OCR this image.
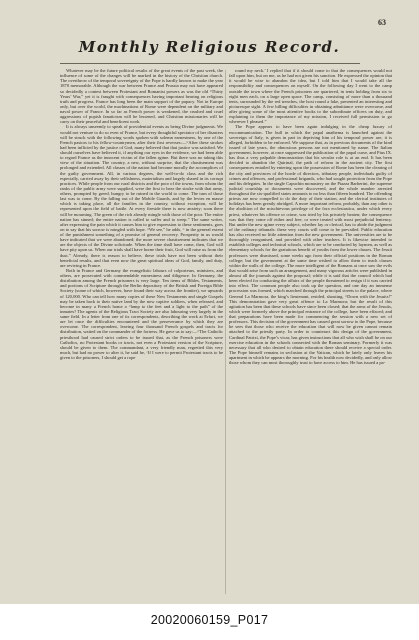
63
Monthly Religious Record.

Whatever may be the future political results of the great events of the past week, the influence of some of the changes will be marked in the history of the Christian church. The overthrow of the temporal sovereignty of the Pope is hardly known to make the year 1870 memorable. Although the war between France and Prussia may not have appeared so decidedly a contest between Protestant and Romanist powers as was the old “Thirty Years’ War,” yet it is fraught with consequences having important bearing on religious truth and progress. France has long been the main support of the papacy. Not in Europe only, but over the world, the machinations of Rome were dependent on the military and naval power of France. In so far as French power is weakened, the crushed and cruel aggressions of popish fanaticism will be lessened, and Christian missionaries will be carry on their peaceful and beneficent work.

It is always unseemly to speak of providential events as being Divine judgments. We would not venture to do so even of France, but every thoughtful spectator of her disasters will be struck with the following words spoken with solemn earnestness, by one of the French pastors to his fellow-countrymen, after their first reverses:—“After these strokes had been inflicted by the justice of God, many believed that that justice was satisfied. We should ourselves have believed it, if anything our eyes in the evidence, we had been able to regard France as the innocent victim of the fallen rgime. But there was no taking this view of the situation. The country, a new, without surprise, that the chastisement was prolonged and extended. All classes of the nation had become morally the accomplices of the guilty government. All, in various degrees, the well-to-do class and the rich especially, carried away by their selfishness, materialism and largely shared in its corrupt practices. While people from our rural districts and the poor of the towns, from whom the ranks of the public army were supplied, were the first to bear the stroke with that army, others, prompted by greed, hungry to be ruined in the world to come. The turn of those last was to come. By the falling out of the Mobile Guards, and by the levies en masse which is taking place, all the families in the country, without exception, will be represented upon the field of battle. At every fireside there is now anxiety; soon there will be mourning. The green of the rich already mingle with those of the poor. The entire nation has sinned; the entire nation is called to suffer and to weep.” The same writer, after expressing the pain which it causes him to give expression to these sentiments, goes on to say that his sorrow is mingled with hope. “We see,” he adds, “ in the general extent of the punishment something of a promise of general recovery. Prosperity in us would have indicated that we were abandoned; the more severe chastisement indicates that we are the objects of the Divine solicitude. When the time shall have come, then, God will have pity upon us. When our trials shall have borne their fruit, God will raise us from the dust.” Already, there is reason to believe, these trials have not been without their beneficial results, and that even now the great spiritual ideas of God, family, and duty, are reviving in France.

Both in France and Germany the evangelistic labours of colporteurs, ministers, and others, are prosecuted with commendable earnestness and diligence. In Germany, the distribution among the French prisoners is very large. Ten items of Bibles, Testaments, and portions of Scripture through the Berlin depository of the British and Foreign Bible Society (some of which, however, have found their way across the frontier), we upwards of 120,000. Who can tell how many copies of these New Testaments and single Gospels may be taken back to their native land by the now captive soldiers, when released, and become in many a French home a “lamp to the feet and a light to the path” of the inmates? The agents of the Religious Tract Society are also labouring very largely in the same field. In a letter from one of its correspondents, describing the work at Erfurt, we are let once the difficulties encountered and the perseverance by which they are overcome. The correspondent, leaving four thousand French gospels and tracts for distribution, waited on the commander of the fortress. He gave us to say:—“The Catholic priesthood had caused strict orders to be issued that, as the French prisoners were Catholics, no Protestant books or tracts, not even a Protestant version of the Scripture, should be given to them. The commandant, a very friendly man, regretted this very much, but had no power to alter it, he said he, ‘If I were to permit Protestant tracts to be given to the prisoners, I should get a rope

round my neck.’ I replied that if it should come to that the consequences would not fall upon him, but on me, as he had not given his sanction. He expressed the opinion that it would be wise to abandon the idea, but I told him that I would take all the responsibility and consequences on myself. On the following day I went to the camp outside the town where the French prisoners are quartered, in tents holding from six to eight men each, on a large open space. The camp, consisting of more than a thousand tents, surrounded by the red trenches, the host round a lake, presented an interesting and picturesque sight. A few billing difficulties in obtaining admittance were overcome, and after giving some of the most attentive books to the subordinate officers on duty, and explaining to them the importance of my mission, I received full permission to go wherever I pleased.”

The Pope appears to have been again indulging in the cheap luxury of excommunication. The bull in which the papal anathema is launched against the sovereign of Italy, is given in part in depriving him of his temporal power are, it is alleged, forbidden to be enforced. We suppose that, as in previous documents of the kind issued of late years, the obnoxious persons are not mentioned by name. The Italian government, however, at once suppressed the publication of the papal curse, and Pius IX. has thus a very palpable demonstration that his secular role is at an end. It has been decided to abandon the Quirinal, the path of reform in the ancient city. The first consequences entailed by entering upon the possession of Rome has been the clearing of the city and provinces of the horde of directors, tributary people, individuals guilty of crimes and offences, and professional brigands, who had sought protection from the Pope and his delegates. In the single Capuchin monastery on the Piazza Barberini, the supreme judicial courtship or documents were discovered, and the whole number arrested throughout the six-qualified states amounts to no less than fifteen hundred. The offending priests are now compelled to do the duty of their station, and the clerical institutes of holidays has been greatly abridged. A more important reform, probably, than any other is the abolition of the mischievous privilege of the fora ecclesiastica, under which every priest, whatever his offence or crime, was tried by his privately beaten; the consequence was that they come off either and free, or were treated with most prejudicial leniency. But under the new rgime every subject, whether lay or clerical, has to abide the judgment of the ordinary tribunals: these very courts will come to be prevailed. Public education has also received no little attention from the new government. The universities are to be thoroughly reorganised, and provided with other teachers. It is likewise intended to establish colleges and technical schools, which are to be conducted by laymen, as well as elementary schools for the gratuitous benefit of youths from the lower classes. The Jesuit professors were dismissed, some weeks ago from their official positions in the Roman college; but the government at the same time wished to allow them to teach classes within the walls of the college. The more intelligent of the Romans at once saw the evils that would arise from such an arrangement, and many vigorous articles were published in almost all the journals against the proposal; while it is said that the council which had been elected for conducting the affairs of the people threatened to resign if it was carried into effect. The common people also took up the question, and one day an immense procession was formed, which marched through the principal streets to the palace, where General La Marmora, the king’s lieutenant, resided, shouting, “Down with the Jesuits!” This demonstration gave very great offence to La Marmora; but the result of this agitation has been that these schools have since been closed; that the arms of the Jesuits, which were formerly above the principal entrance of the college, have been effaced; and that preparations have been made for commencing the session with a new set of professors. This decision of the government has caused great sorrow to the Pope, because he sees that those who receive the education that will now be given cannot remain attached to the priestly party. In order to counteract this design of the government, Cardinal Patrizi, the Pope’s vicar, has given instructions that all who wish shall be on our exercise education in the schools connected with the Roman seminary. Formerly it was necessary that all who desired to obtain education there should receive a special order. The Pope himself remains in seclusion at the Vatican, which he lately only leaves his apartment in which he appears the morning. For his health now decidedly, and only allow those whom they can most thoroughly trust to have access to him. He has issued a pa-

20020060159_P017
